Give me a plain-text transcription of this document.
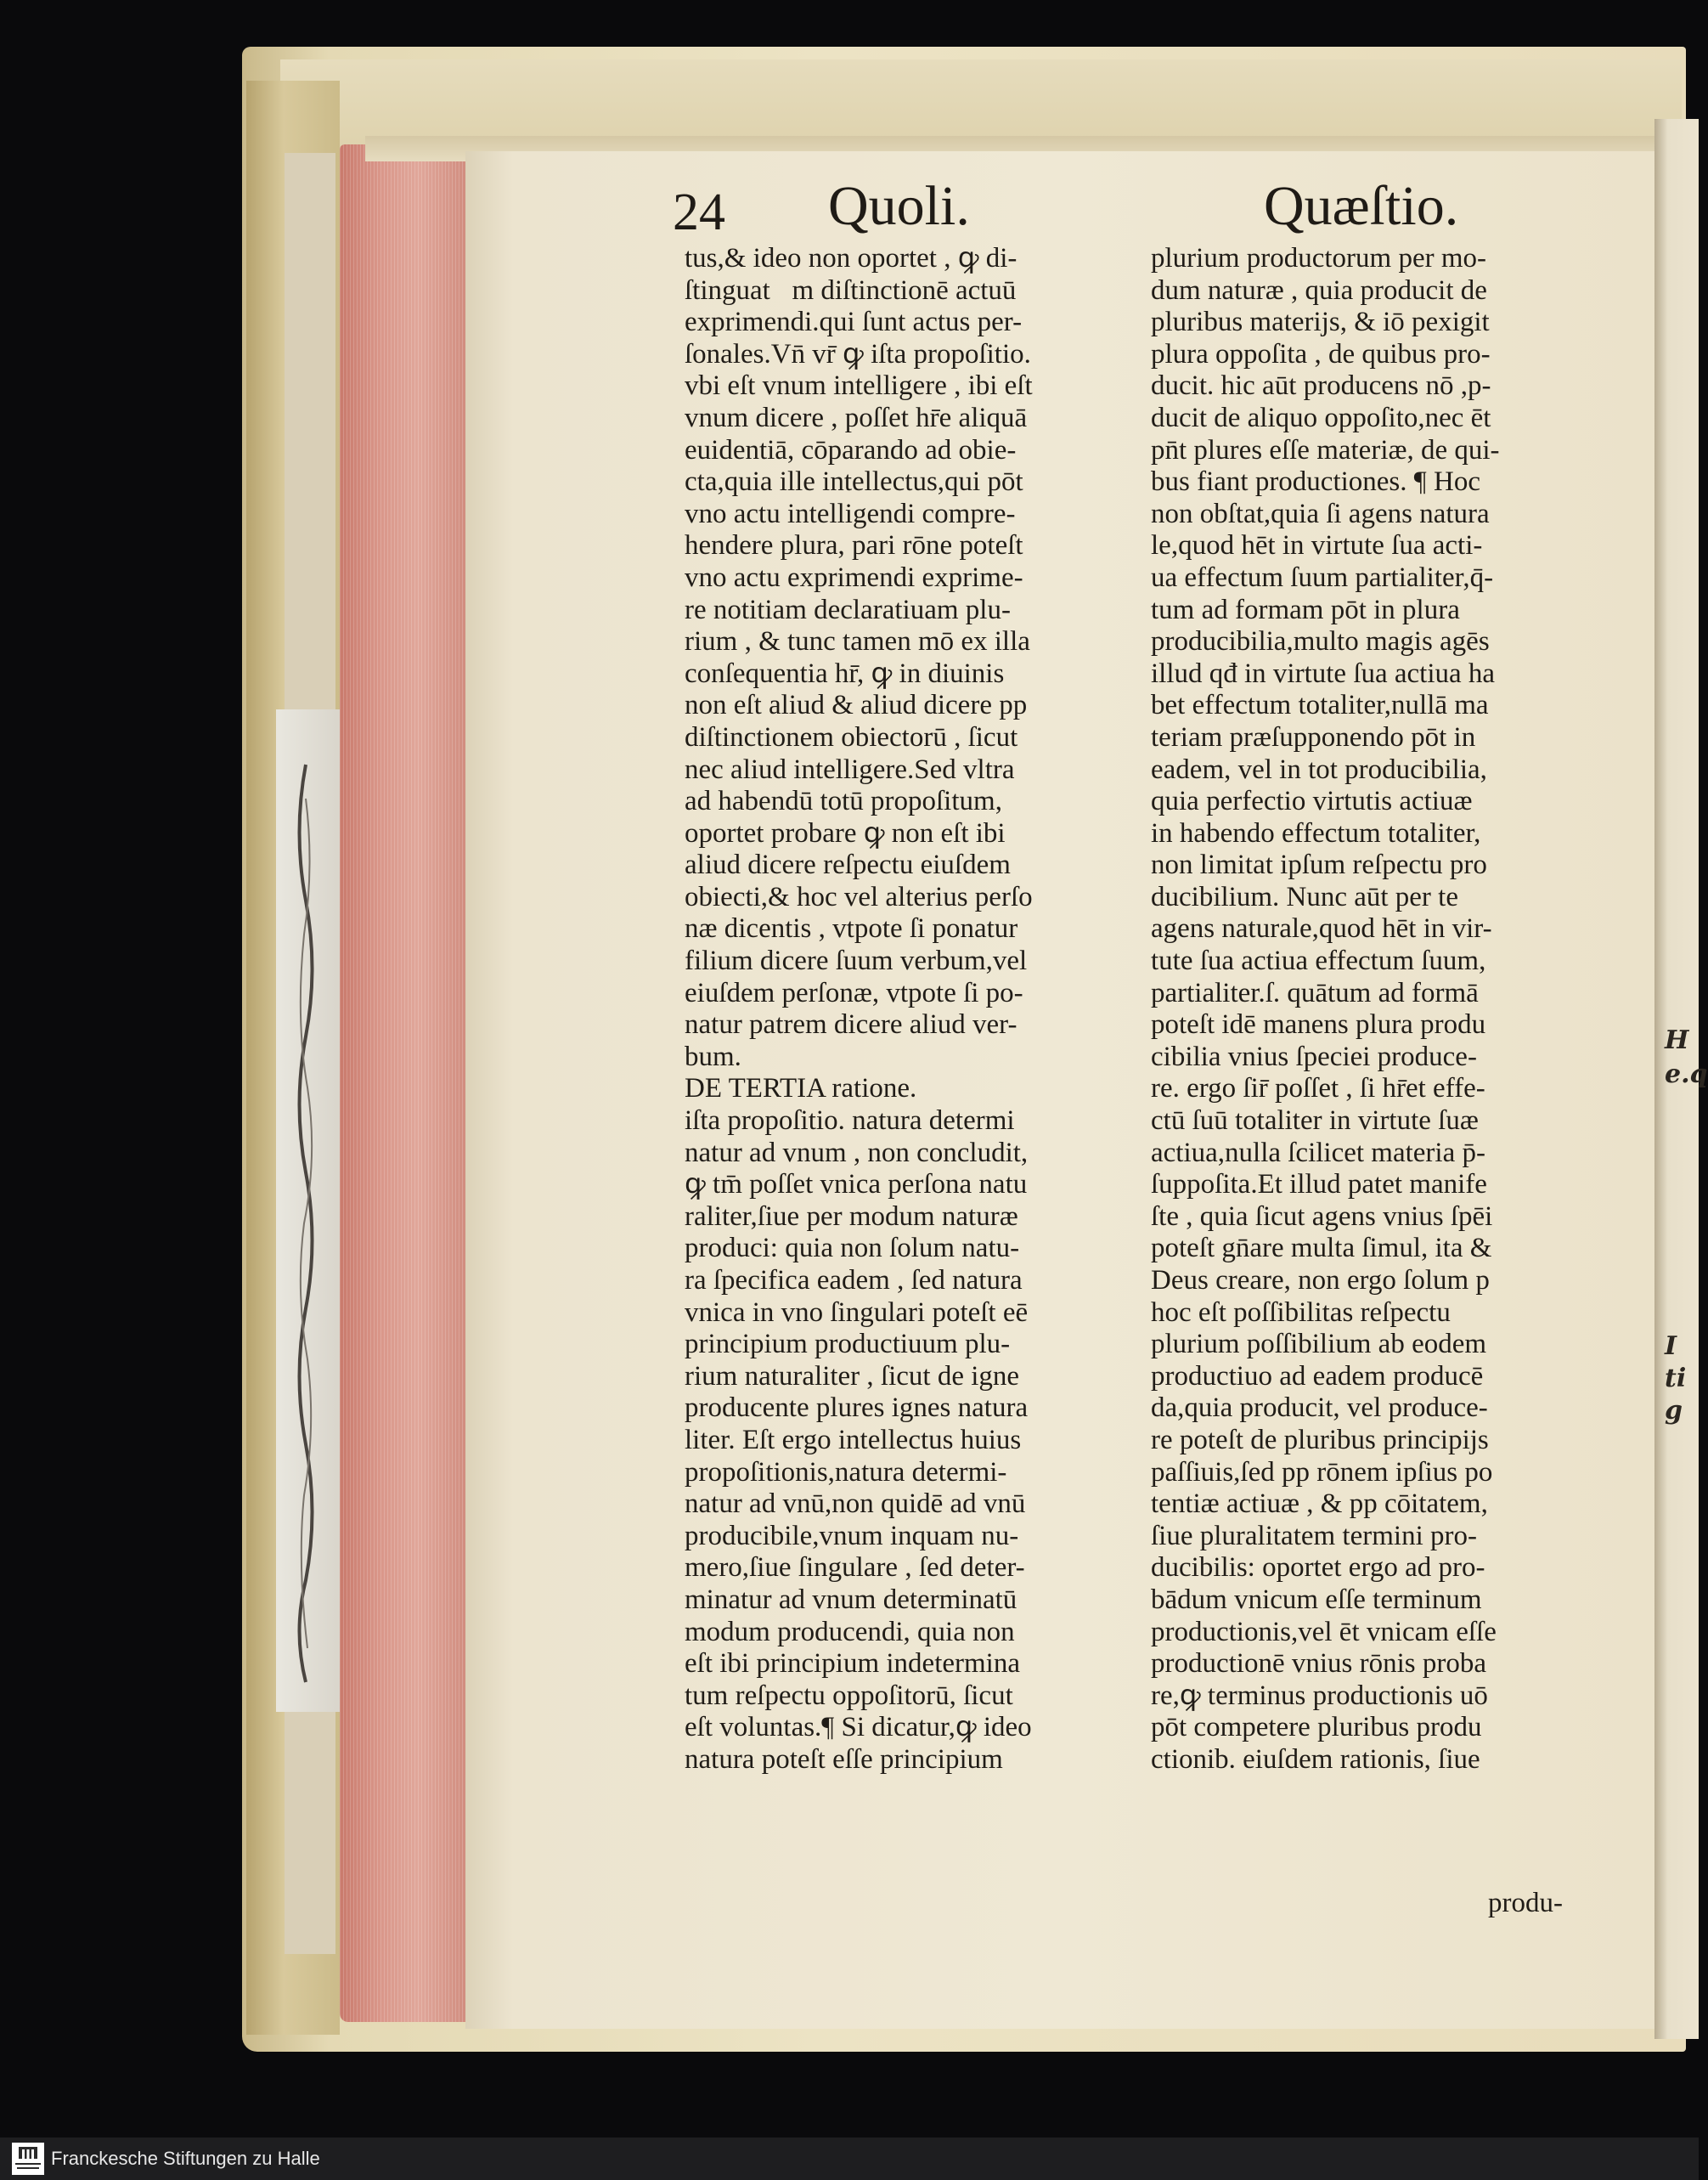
H
e.q
I
ti
g
24 Quoli.	Quæſtio.
tus,& ideo non oportet , ꝙ di-
ſtinguatᷣm diſtinctionē actuū
exprimendi.qui ſunt actus per-
ſonales.Vn̄ vr̄ ꝙ iſta propoſitio.
vbi eſt vnum intelligere , ibi eſt
vnum dicere , poſſet hr̄e aliquā
euidentiā, cōparando ad obie-
cta,quia ille intellectus,qui pōt
vno actu intelligendi compre-
hendere plura, pari rōne poteſt
vno actu exprimendi exprime-
re notitiam declaratiuam plu-
rium , & tunc tamen mō ex illa
conſequentia hr̄, ꝙ in diuinis
non eſt aliud & aliud dicere pp
diſtinctionem obiectorū , ſicut
nec aliud intelligere.Sed vltra
ad habendū totū propoſitum,
oportet probare ꝙ non eſt ibi
aliud dicere reſpectu eiuſdem
obiecti,& hoc vel alterius perſo
næ dicentis , vtpote ſi ponatur
filium dicere ſuum verbum,vel
eiuſdem perſonæ, vtpote ſi po-
natur patrem dicere aliud ver-
bum.
DE TERTIA ratione.
iſta propoſitio. natura determi
natur ad vnum , non concludit,
ꝙ tm̄ poſſet vnica perſona natu
raliter,ſiue per modum naturæ
produci: quia non ſolum natu-
ra ſpecifica eadem , ſed natura
vnica in vno ſingulari poteſt eē
principium productiuum plu-
rium naturaliter , ſicut de igne
producente plures ignes natura
liter. Eſt ergo intellectus huius
propoſitionis,natura determi-
natur ad vnū,non quidē ad vnū
producibile,vnum inquam nu-
mero,ſiue ſingulare , ſed deter-
minatur ad vnum determinatū
modum producendi, quia non
eſt ibi principium indetermina
tum reſpectu oppoſitorū, ſicut
eſt voluntas.¶ Si dicatur,ꝙ ideo
natura poteſt eſſe principium
plurium productorum per mo-
dum naturæ , quia producit de
pluribus materijs, & iō pexigit
plura oppoſita , de quibus pro-
ducit. hic aūt producens nō ,p-
ducit de aliquo oppoſito,nec ēt
pn̄t plures eſſe materiæ, de qui-
bus fiant productiones. ¶ Hoc
non obſtat,quia ſi agens natura
le,quod hēt in virtute ſua acti-
ua effectum ſuum partialiter,q̄-
tum ad formam pōt in plura
producibilia,multo magis agēs
illud qđ in virtute ſua actiua ha
bet effectum totaliter,nullā ma
teriam præſupponendo pōt in
eadem, vel in tot producibilia,
quia perfectio virtutis actiuæ
in habendo effectum totaliter,
non limitat ipſum reſpectu pro
ducibilium. Nunc aūt per te
agens naturale,quod hēt in vir-
tute ſua actiua effectum ſuum,
partialiter.ſ. quātum ad formā
poteſt idē manens plura produ
cibilia vnius ſpeciei produce-
re. ergo ſir̄ poſſet , ſi hr̄et effe-
ctū ſuū totaliter in virtute ſuæ
actiua,nulla ſcilicet materia p̄-
ſuppoſita.Et illud patet manife
ſte , quia ſicut agens vnius ſpēi
poteſt gn̄are multa ſimul, ita &
Deus creare, non ergo ſolum p
hoc eſt poſſibilitas reſpectu
plurium poſſibilium ab eodem
productiuo ad eadem producē
da,quia producit, vel produce-
re poteſt de pluribus principijs
paſſiuis,ſed pp rōnem ipſius po
tentiæ actiuæ , & pp cōitatem,
ſiue pluralitatem termini pro-
ducibilis: oportet ergo ad pro-
bādum vnicum eſſe terminum
productionis,vel ēt vnicam eſſe
productionē vnius rōnis proba
re,ꝙ terminus productionis uō
pōt competere pluribus produ
ctionib. eiuſdem rationis, ſiue
produ-
Franckesche Stiftungen zu Halle
